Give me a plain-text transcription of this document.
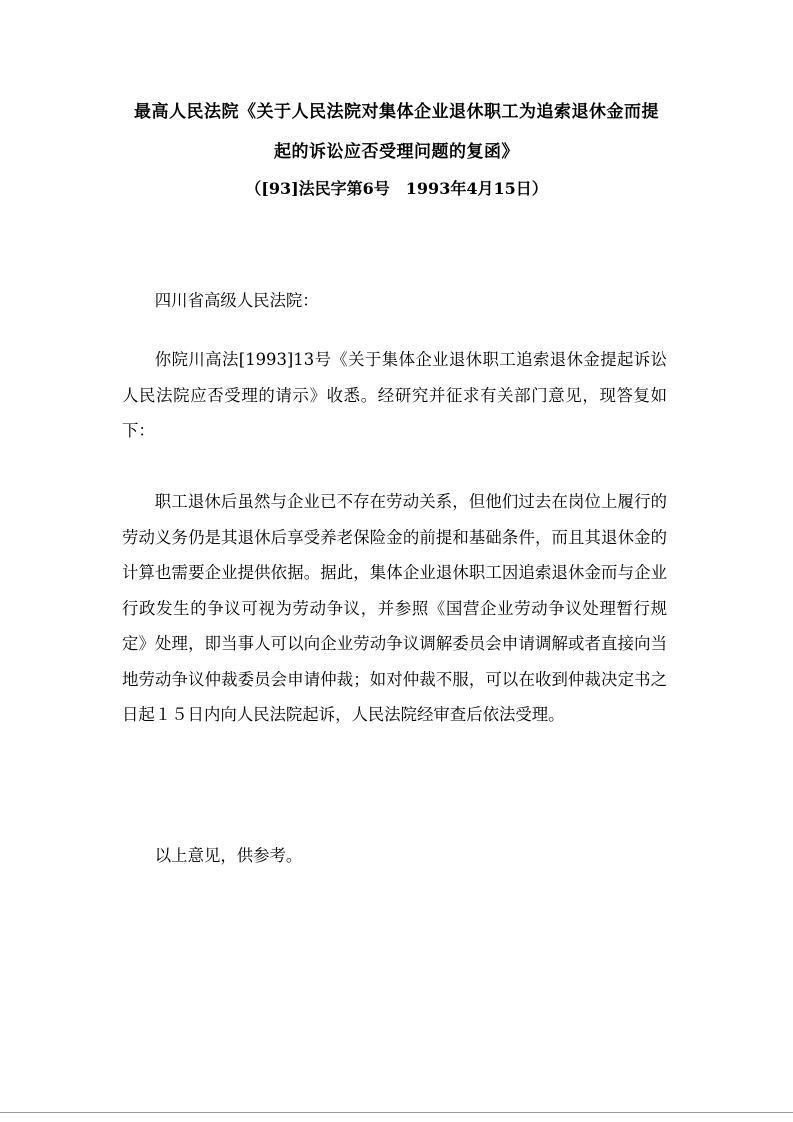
最高人民法院《关于人民法院对集体企业退休职工为追索退休金而提
起的诉讼应否受理问题的复函》
（[93]法民字第6号　1993年4月15日）
四川省高级人民法院：
你院川高法[1993]13号《关于集体企业退休职工追索退休金提起诉讼人民法院应否受理的请示》收悉。经研究并征求有关部门意见，现答复如下：
职工退休后虽然与企业已不存在劳动关系，但他们过去在岗位上履行的劳动义务仍是其退休后享受养老保险金的前提和基础条件，而且其退休金的计算也需要企业提供依据。据此，集体企业退休职工因追索退休金而与企业行政发生的争议可视为劳动争议，并参照《国营企业劳动争议处理暂行规定》处理，即当事人可以向企业劳动争议调解委员会申请调解或者直接向当地劳动争议仲裁委员会申请仲裁；如对仲裁不服，可以在收到仲裁决定书之日起１５日内向人民法院起诉，人民法院经审查后依法受理。
以上意见，供参考。
